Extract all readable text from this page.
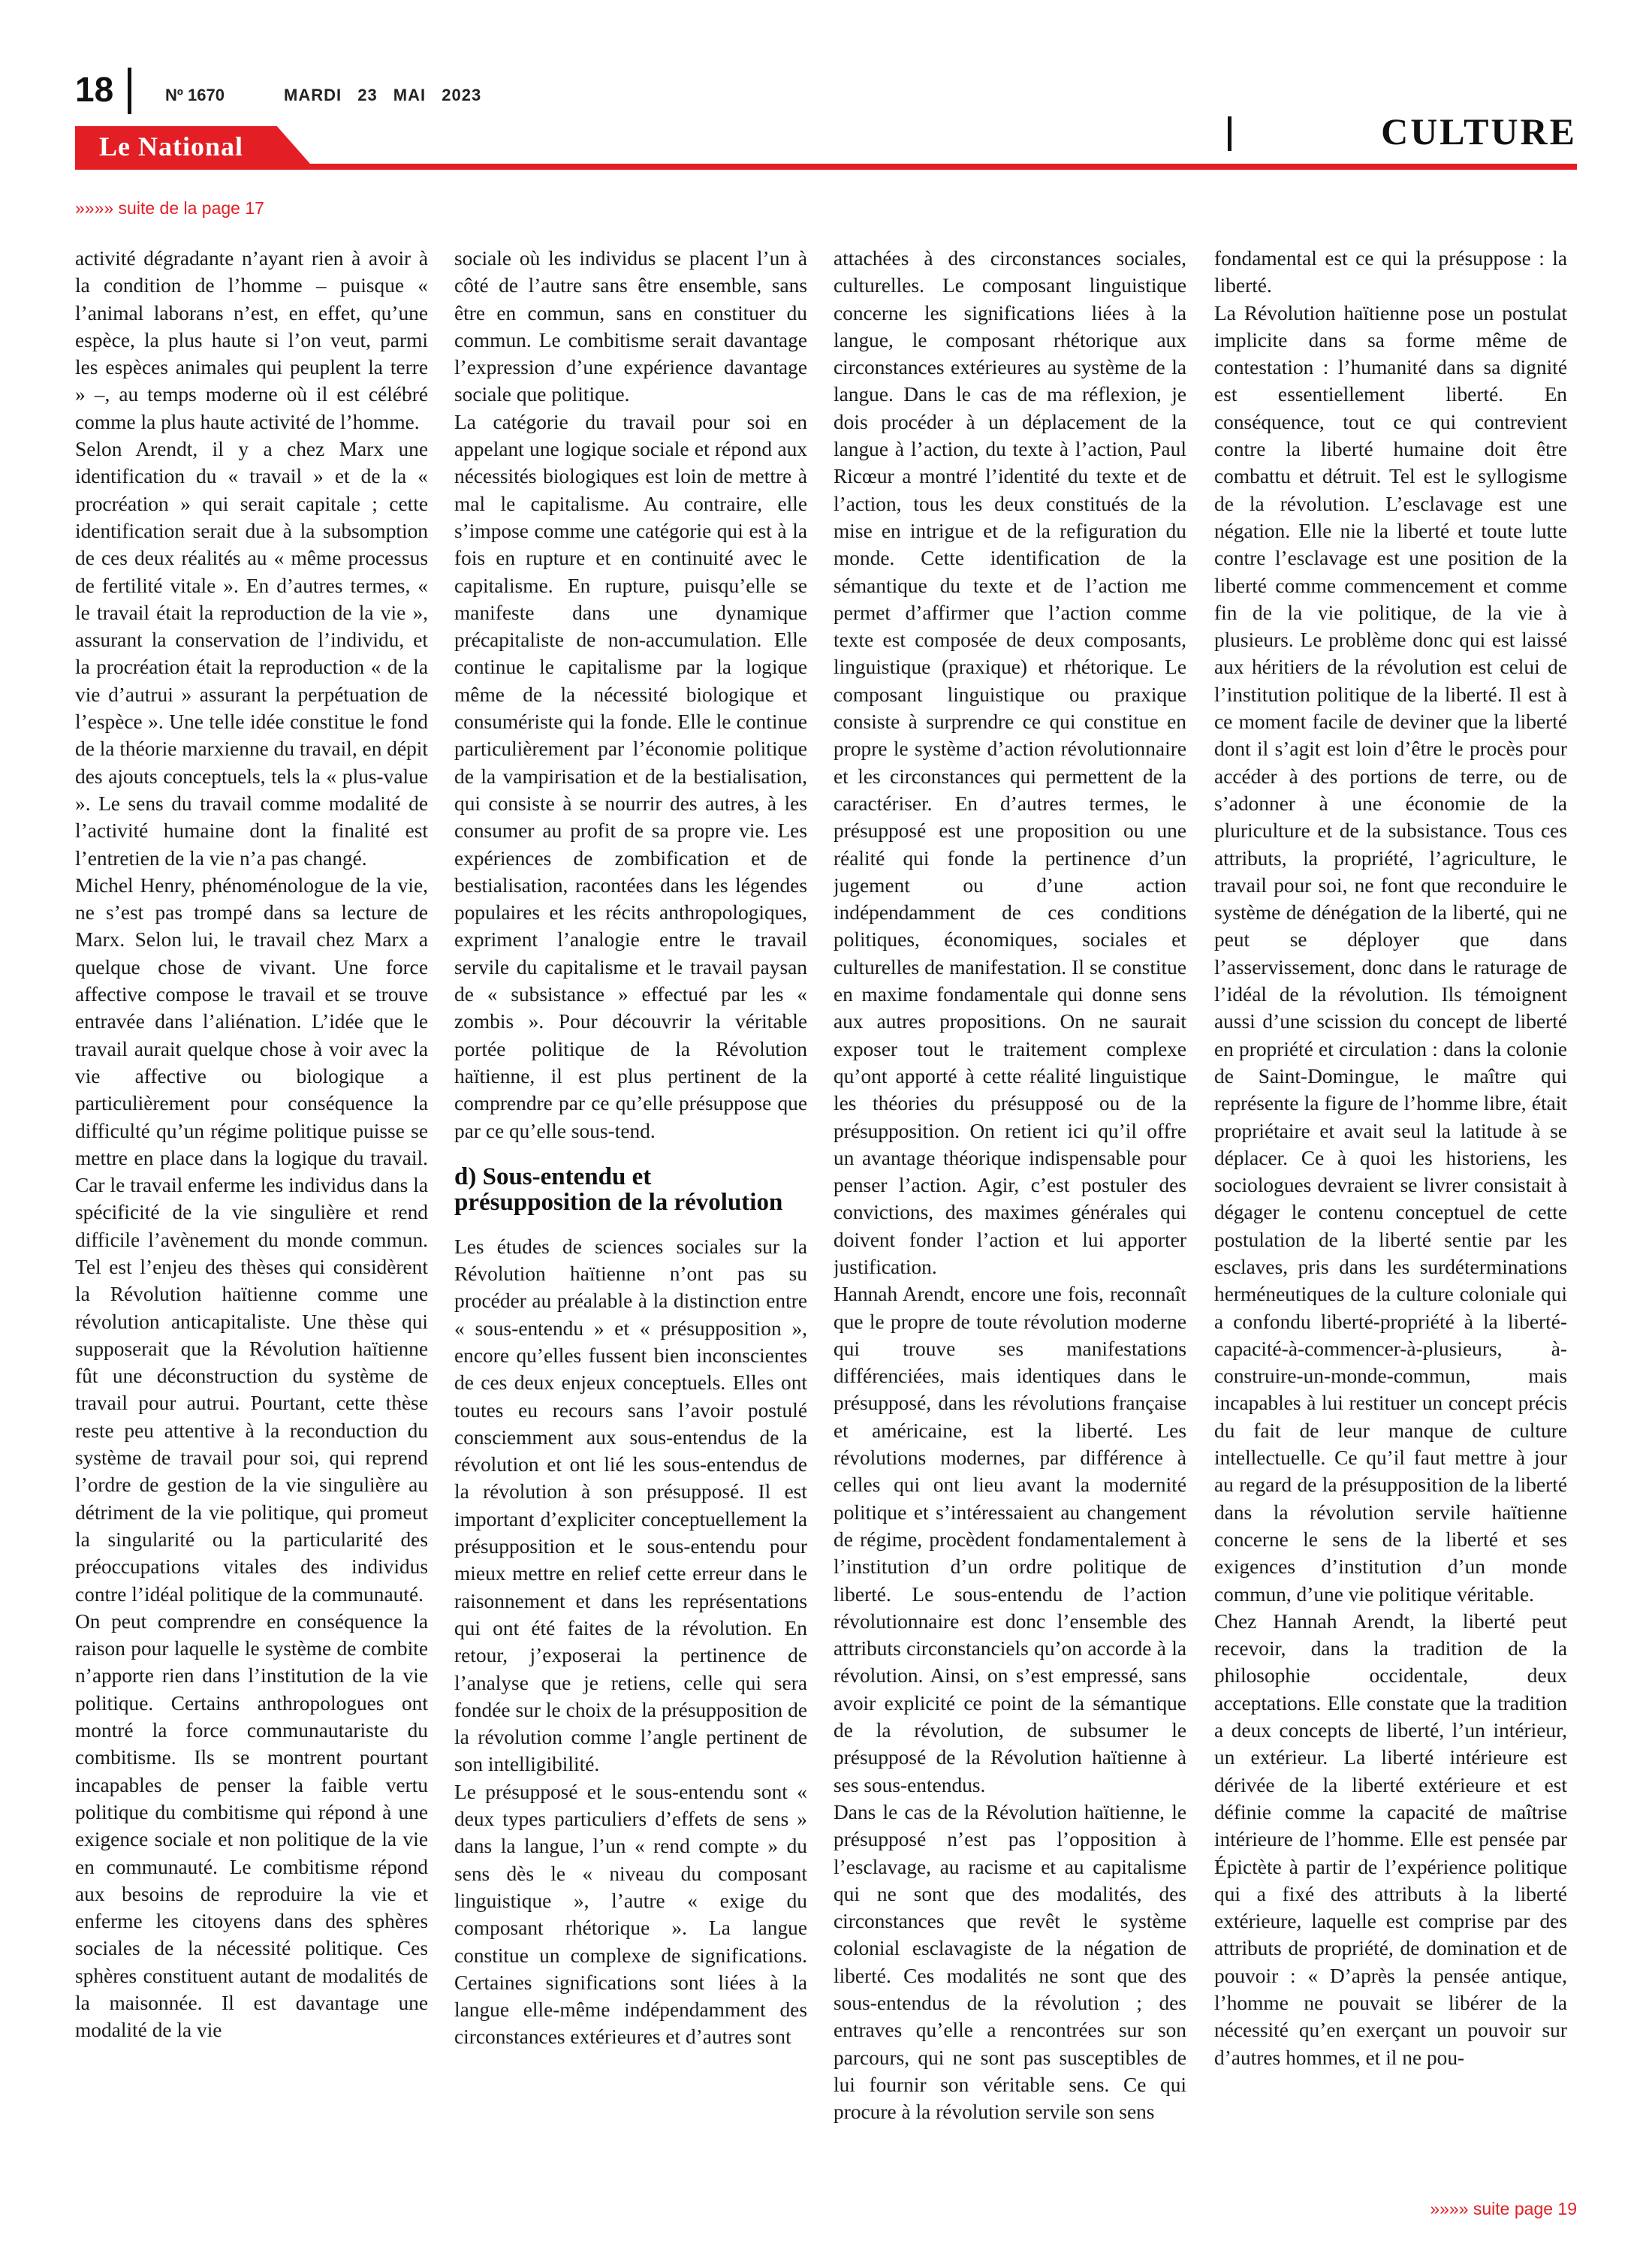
18	Nº 1670	MARDI 23 MAI 2023
Le National	CULTURE
»»»» suite de la page 17

activité dégradante n’ayant rien à avoir à la condition de l’homme – puisque « l’animal laborans n’est, en effet, qu’une espèce, la plus haute si l’on veut, parmi les espèces animales qui peuplent la terre » –, au temps moderne où il est célébré comme la plus haute activité de l’homme.

Selon Arendt, il y a chez Marx une identification du « travail » et de la « procréation » qui serait capitale ; cette identification serait due à la subsomption de ces deux réalités au « même processus de fertilité vitale ». En d’autres termes, « le travail était la reproduction de la vie », assurant la conservation de l’individu, et la procréation était la reproduction « de la vie d’autrui » assurant la perpétuation de l’espèce ». Une telle idée constitue le fond de la théorie marxienne du travail, en dépit des ajouts conceptuels, tels la « plus-value ». Le sens du travail comme modalité de l’activité humaine dont la finalité est l’entretien de la vie n’a pas changé.

Michel Henry, phénoménologue de la vie, ne s’est pas trompé dans sa lecture de Marx. Selon lui, le travail chez Marx a quelque chose de vivant. Une force affective compose le travail et se trouve entravée dans l’aliénation. L’idée que le travail aurait quelque chose à voir avec la vie affective ou biologique a particulièrement pour conséquence la difficulté qu’un régime politique puisse se mettre en place dans la logique du travail. Car le travail enferme les individus dans la spécificité de la vie singulière et rend difficile l’avènement du monde commun. Tel est l’enjeu des thèses qui considèrent la Révolution haïtienne comme une révolution anticapitaliste. Une thèse qui supposerait que la Révolution haïtienne fût une déconstruction du système de travail pour autrui. Pourtant, cette thèse reste peu attentive à la reconduction du système de travail pour soi, qui reprend l’ordre de gestion de la vie singulière au détriment de la vie politique, qui promeut la singularité ou la particularité des préoccupations vitales des individus contre l’idéal politique de la communauté.

On peut comprendre en conséquence la raison pour laquelle le système de combite n’apporte rien dans l’institution de la vie politique. Certains anthropologues ont montré la force communautariste du combitisme. Ils se montrent pourtant incapables de penser la faible vertu politique du combitisme qui répond à une exigence sociale et non politique de la vie en communauté. Le combitisme répond aux besoins de reproduire la vie et enferme les citoyens dans des sphères sociales de la nécessité politique. Ces sphères constituent autant de modalités de la maisonnée. Il est davantage une modalité de la vie

sociale où les individus se placent l’un à côté de l’autre sans être ensemble, sans être en commun, sans en constituer du commun. Le combitisme serait davantage l’expression d’une expérience davantage sociale que politique.

La catégorie du travail pour soi en appelant une logique sociale et répond aux nécessités biologiques est loin de mettre à mal le capitalisme. Au contraire, elle s’impose comme une catégorie qui est à la fois en rupture et en continuité avec le capitalisme. En rupture, puisqu’elle se manifeste dans une dynamique précapitaliste de non-accumulation. Elle continue le capitalisme par la logique même de la nécessité biologique et consumériste qui la fonde. Elle le continue particulièrement par l’économie politique de la vampirisation et de la bestialisation, qui consiste à se nourrir des autres, à les consumer au profit de sa propre vie. Les expériences de zombification et de bestialisation, racontées dans les légendes populaires et les récits anthropologiques, expriment l’analogie entre le travail servile du capitalisme et le travail paysan de « subsistance » effectué par les « zombis ». Pour découvrir la véritable portée politique de la Révolution haïtienne, il est plus pertinent de la comprendre par ce qu’elle présuppose que par ce qu’elle sous-tend.

d) Sous-entendu et présupposition de la révolution

Les études de sciences sociales sur la Révolution haïtienne n’ont pas su procéder au préalable à la distinction entre « sous-entendu » et « présupposition », encore qu’elles fussent bien inconscientes de ces deux enjeux conceptuels. Elles ont toutes eu recours sans l’avoir postulé consciemment aux sous-entendus de la révolution et ont lié les sous-entendus de la révolution à son présupposé. Il est important d’expliciter conceptuellement la présupposition et le sous-entendu pour mieux mettre en relief cette erreur dans le raisonnement et dans les représentations qui ont été faites de la révolution. En retour, j’exposerai la pertinence de l’analyse que je retiens, celle qui sera fondée sur le choix de la présupposition de la révolution comme l’angle pertinent de son intelligibilité.

Le présupposé et le sous-entendu sont « deux types particuliers d’effets de sens » dans la langue, l’un « rend compte » du sens dès le « niveau du composant linguistique », l’autre « exige du composant rhétorique ». La langue constitue un complexe de significations. Certaines significations sont liées à la langue elle-même indépendamment des circonstances extérieures et d’autres sont

attachées à des circonstances sociales, culturelles. Le composant linguistique concerne les significations liées à la langue, le composant rhétorique aux circonstances extérieures au système de la langue. Dans le cas de ma réflexion, je dois procéder à un déplacement de la langue à l’action, du texte à l’action, Paul Ricœur a montré l’identité du texte et de l’action, tous les deux constitués de la mise en intrigue et de la refiguration du monde. Cette identification de la sémantique du texte et de l’action me permet d’affirmer que l’action comme texte est composée de deux composants, linguistique (praxique) et rhétorique. Le composant linguistique ou praxique consiste à surprendre ce qui constitue en propre le système d’action révolutionnaire et les circonstances qui permettent de la caractériser. En d’autres termes, le présupposé est une proposition ou une réalité qui fonde la pertinence d’un jugement ou d’une action indépendamment de ces conditions politiques, économiques, sociales et culturelles de manifestation. Il se constitue en maxime fondamentale qui donne sens aux autres propositions. On ne saurait exposer tout le traitement complexe qu’ont apporté à cette réalité linguistique les théories du présupposé ou de la présupposition. On retient ici qu’il offre un avantage théorique indispensable pour penser l’action. Agir, c’est postuler des convictions, des maximes générales qui doivent fonder l’action et lui apporter justification.

Hannah Arendt, encore une fois, reconnaît que le propre de toute révolution moderne qui trouve ses manifestations différenciées, mais identiques dans le présupposé, dans les révolutions française et américaine, est la liberté. Les révolutions modernes, par différence à celles qui ont lieu avant la modernité politique et s’intéressaient au changement de régime, procèdent fondamentalement à l’institution d’un ordre politique de liberté. Le sous-entendu de l’action révolutionnaire est donc l’ensemble des attributs circonstanciels qu’on accorde à la révolution. Ainsi, on s’est empressé, sans avoir explicité ce point de la sémantique de la révolution, de subsumer le présupposé de la Révolution haïtienne à ses sous-entendus.

Dans le cas de la Révolution haïtienne, le présupposé n’est pas l’opposition à l’esclavage, au racisme et au capitalisme qui ne sont que des modalités, des circonstances que revêt le système colonial esclavagiste de la négation de liberté. Ces modalités ne sont que des sous-entendus de la révolution ; des entraves qu’elle a rencontrées sur son parcours, qui ne sont pas susceptibles de lui fournir son véritable sens. Ce qui procure à la révolution servile son sens

fondamental est ce qui la présuppose : la liberté.

La Révolution haïtienne pose un postulat implicite dans sa forme même de contestation : l’humanité dans sa dignité est essentiellement liberté. En conséquence, tout ce qui contrevient contre la liberté humaine doit être combattu et détruit. Tel est le syllogisme de la révolution. L’esclavage est une négation. Elle nie la liberté et toute lutte contre l’esclavage est une position de la liberté comme commencement et comme fin de la vie politique, de la vie à plusieurs. Le problème donc qui est laissé aux héritiers de la révolution est celui de l’institution politique de la liberté. Il est à ce moment facile de deviner que la liberté dont il s’agit est loin d’être le procès pour accéder à des portions de terre, ou de s’adonner à une économie de la pluriculture et de la subsistance. Tous ces attributs, la propriété, l’agriculture, le travail pour soi, ne font que reconduire le système de dénégation de la liberté, qui ne peut se déployer que dans l’asservissement, donc dans le raturage de l’idéal de la révolution. Ils témoignent aussi d’une scission du concept de liberté en propriété et circulation : dans la colonie de Saint-Domingue, le maître qui représente la figure de l’homme libre, était propriétaire et avait seul la latitude à se déplacer. Ce à quoi les historiens, les sociologues devraient se livrer consistait à dégager le contenu conceptuel de cette postulation de la liberté sentie par les esclaves, pris dans les surdéterminations herméneutiques de la culture coloniale qui a confondu liberté-propriété à la liberté-capacité-à-commencer-à-plusieurs, à-construire-un-monde-commun, mais incapables à lui restituer un concept précis du fait de leur manque de culture intellectuelle. Ce qu’il faut mettre à jour au regard de la présupposition de la liberté dans la révolution servile haïtienne concerne le sens de la liberté et ses exigences d’institution d’un monde commun, d’une vie politique véritable.

Chez Hannah Arendt, la liberté peut recevoir, dans la tradition de la philosophie occidentale, deux acceptations. Elle constate que la tradition a deux concepts de liberté, l’un intérieur, un extérieur. La liberté intérieure est dérivée de la liberté extérieure et est définie comme la capacité de maîtrise intérieure de l’homme. Elle est pensée par Épictète à partir de l’expérience politique qui a fixé des attributs à la liberté extérieure, laquelle est comprise par des attributs de propriété, de domination et de pouvoir : « D’après la pensée antique, l’homme ne pouvait se libérer de la nécessité qu’en exerçant un pouvoir sur d’autres hommes, et il ne pou-

»»»» suite page 19
